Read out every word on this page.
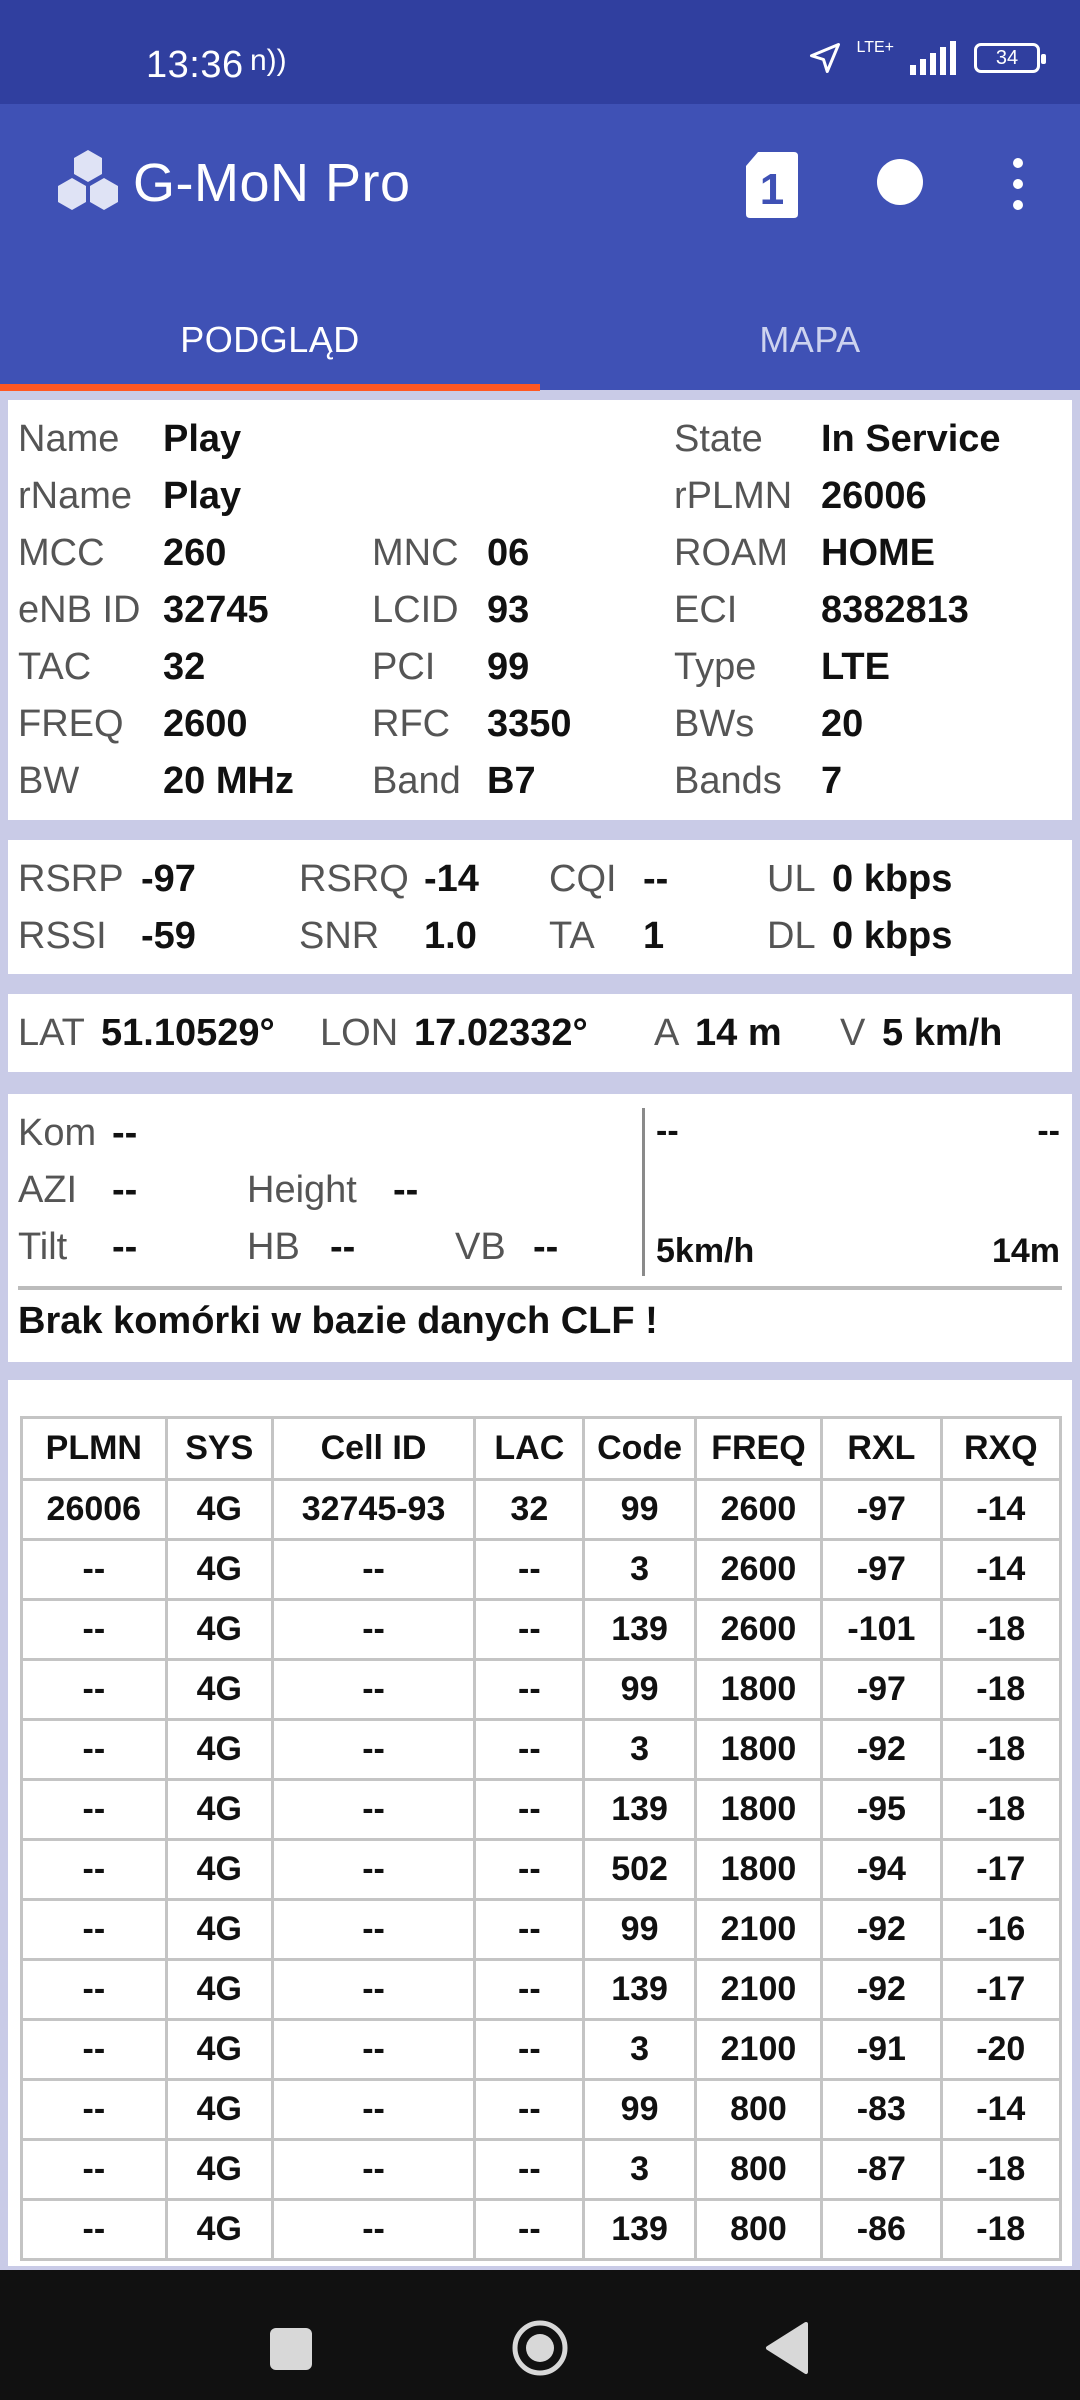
13:36 n))	LTE+	34
G-MoN Pro	1
PODGLĄD	MAPA
Name Play	State In Service
rName Play	rPLMN 26006
MCC 260	MNC 06	ROAM HOME
eNB ID 32745	LCID 93	ECI 8382813
TAC 32	PCI 99	Type LTE
FREQ 2600	RFC 3350	BWs 20
BW 20 MHz Band B7	Bands 7
RSRP -97	RSRQ -14 CQI --	UL 0 kbps
RSSI -59	SNR 1.0 TA 1	DL 0 kbps
LAT 51.10529° LON 17.02332° A 14 m V 5 km/h
Kom --
AZI --	Height --
Tilt --	HB --	VB --
--	--
5km/h	14m
Brak komórki w bazie danych CLF !
PLMN	SYS	Cell ID	LAC	Code	FREQ	RXL	RXQ
26006	4G	32745-93	32	99	2600	-97	-14
--	4G	--	--	3	2600	-97	-14
--	4G	--	--	139	2600	-101	-18
--	4G	--	--	99	1800	-97	-18
--	4G	--	--	3	1800	-92	-18
--	4G	--	--	139	1800	-95	-18
--	4G	--	--	502	1800	-94	-17
--	4G	--	--	99	2100	-92	-16
--	4G	--	--	139	2100	-92	-17
--	4G	--	--	3	2100	-91	-20
--	4G	--	--	99	800	-83	-14
--	4G	--	--	3	800	-87	-18
--	4G	--	--	139	800	-86	-18
